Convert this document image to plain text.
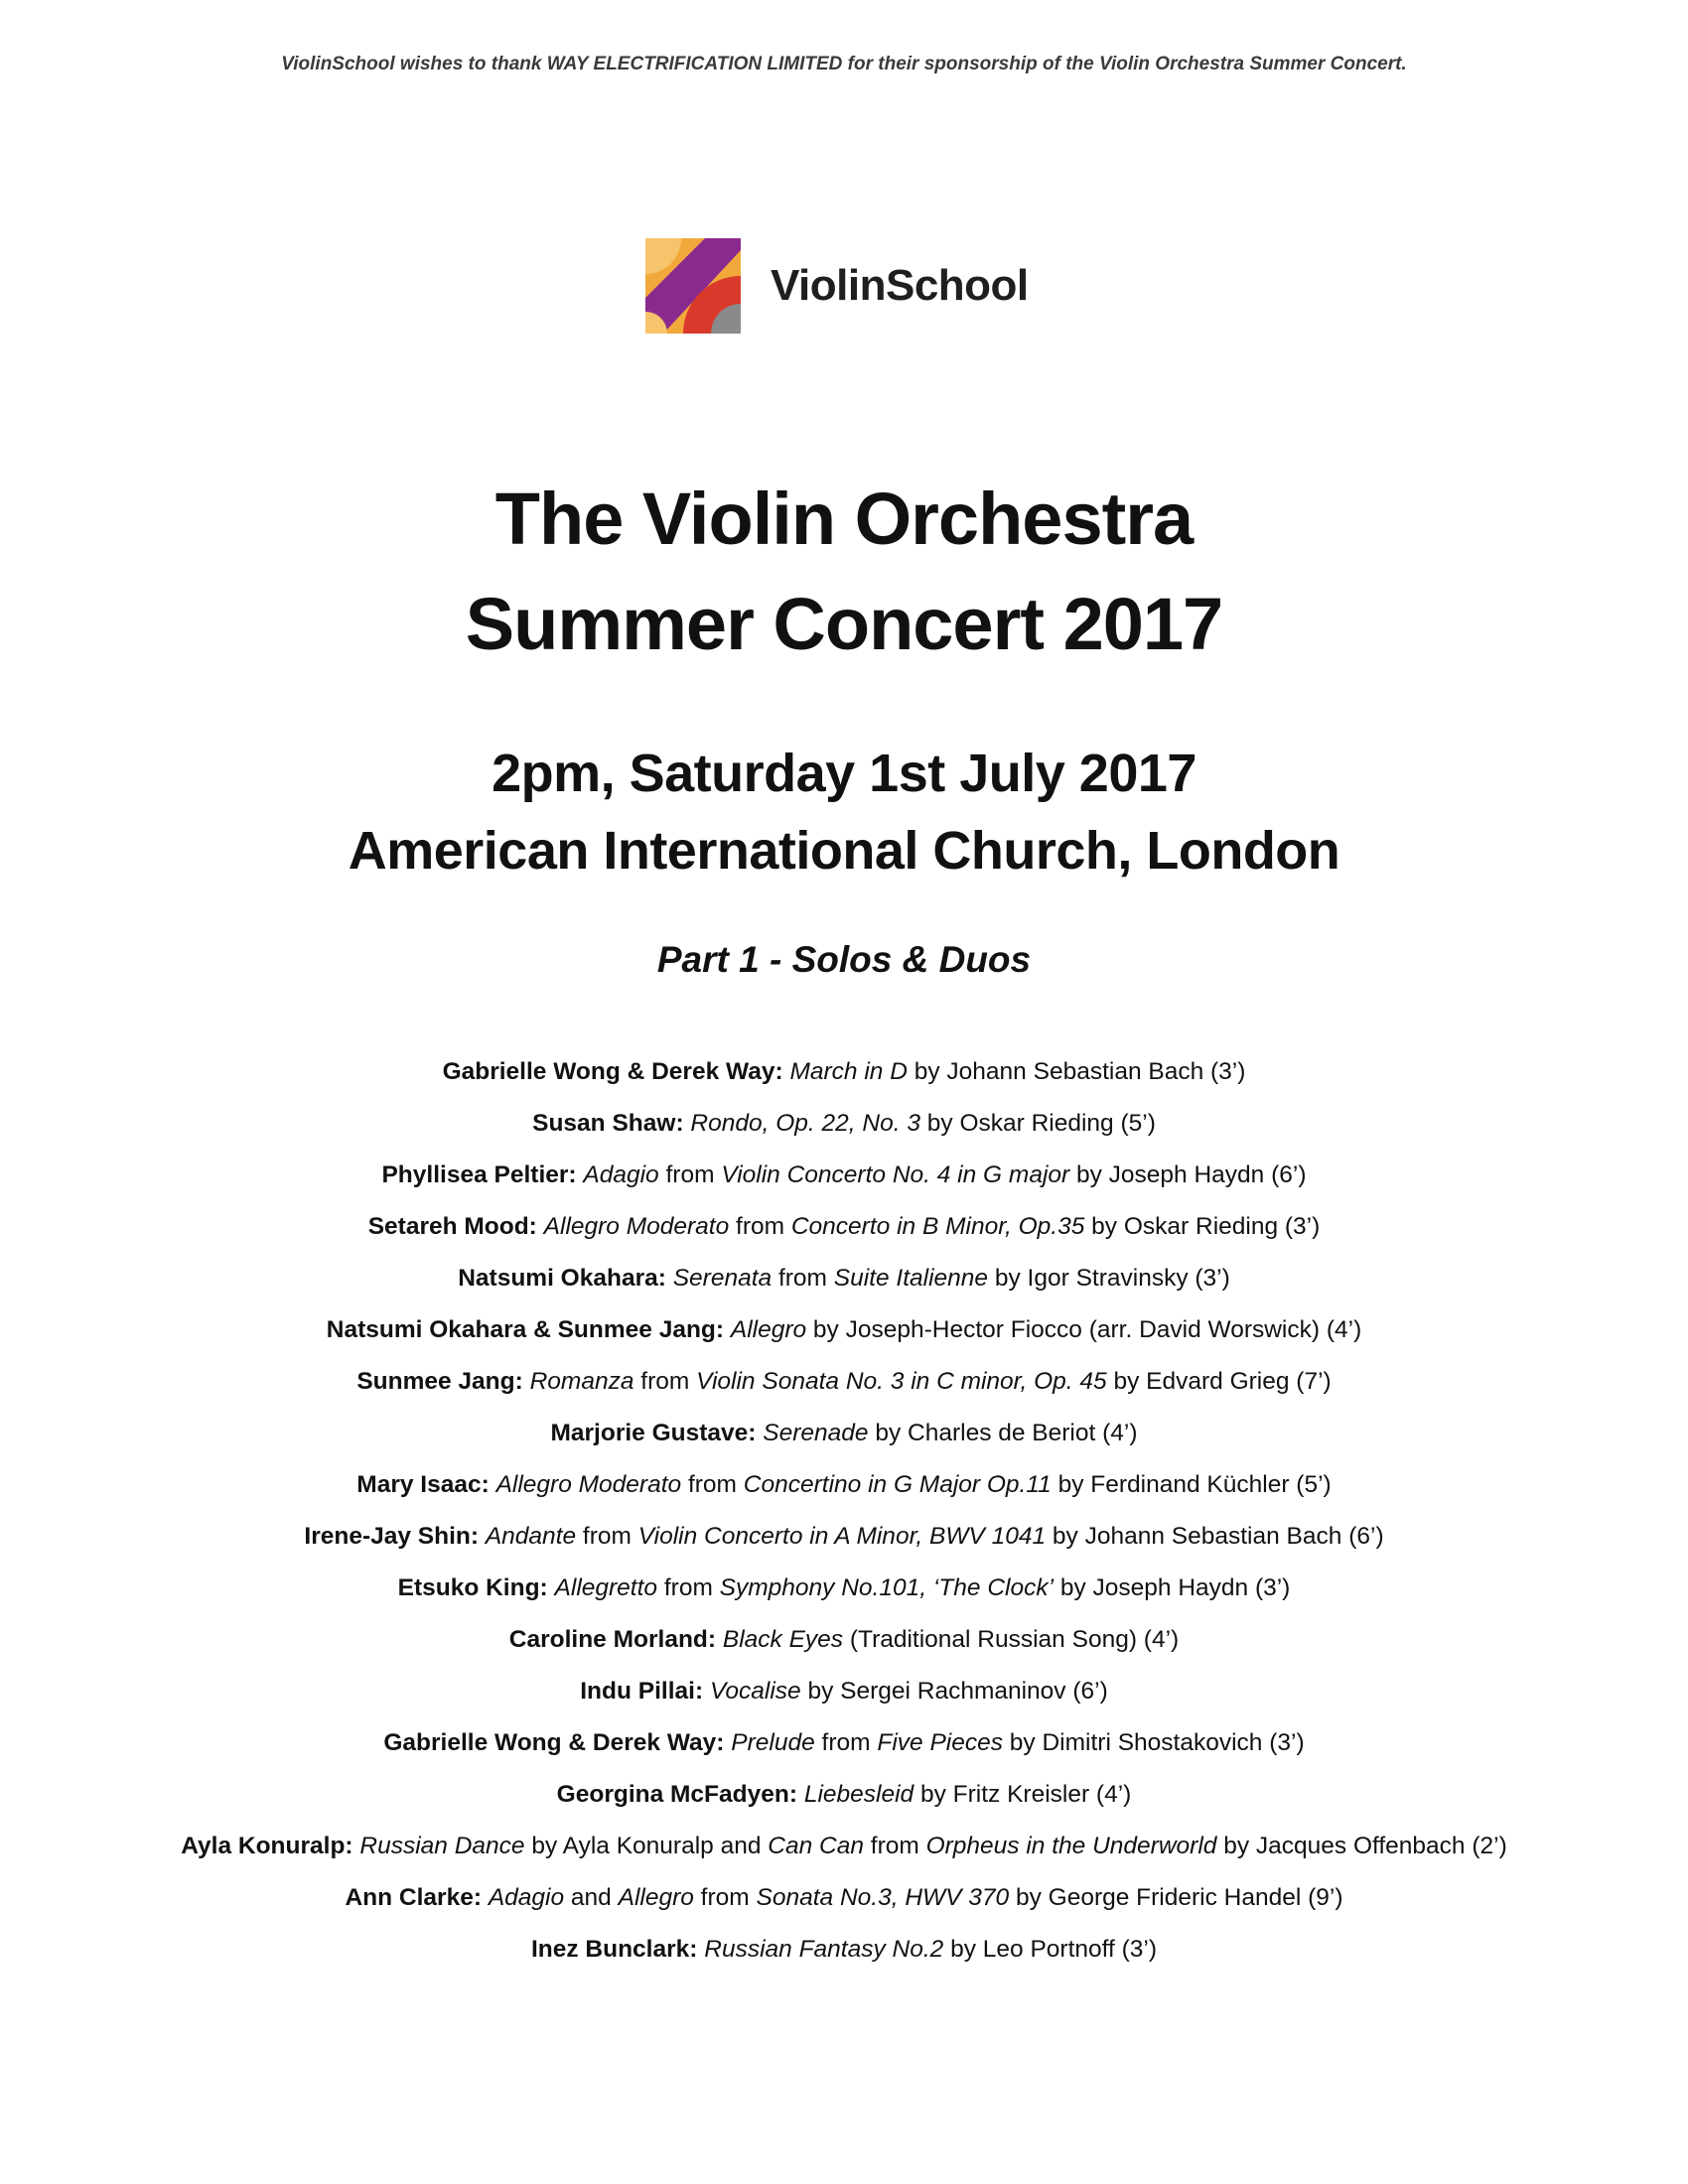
ViolinSchool wishes to thank WAY ELECTRIFICATION LIMITED for their sponsorship of the Violin Orchestra Summer Concert.
ViolinSchool
The Violin Orchestra
Summer Concert 2017
2pm, Saturday 1st July 2017
American International Church, London
Part 1 - Solos & Duos
Gabrielle Wong & Derek Way: March in D by Johann Sebastian Bach (3’)
Susan Shaw: Rondo, Op. 22, No. 3 by Oskar Rieding (5’)
Phyllisea Peltier: Adagio from Violin Concerto No. 4 in G major by Joseph Haydn (6’)
Setareh Mood: Allegro Moderato from Concerto in B Minor, Op.35 by Oskar Rieding (3’)
Natsumi Okahara: Serenata from Suite Italienne by Igor Stravinsky (3’)
Natsumi Okahara & Sunmee Jang: Allegro by Joseph-Hector Fiocco (arr. David Worswick) (4’)
Sunmee Jang: Romanza from Violin Sonata No. 3 in C minor, Op. 45 by Edvard Grieg (7’)
Marjorie Gustave: Serenade by Charles de Beriot (4’)
Mary Isaac: Allegro Moderato from Concertino in G Major Op.11 by Ferdinand Küchler (5’)
Irene-Jay Shin: Andante from Violin Concerto in A Minor, BWV 1041 by Johann Sebastian Bach (6’)
Etsuko King: Allegretto from Symphony No.101, ‘The Clock’ by Joseph Haydn (3’)
Caroline Morland: Black Eyes (Traditional Russian Song) (4’)
Indu Pillai: Vocalise by Sergei Rachmaninov (6’)
Gabrielle Wong & Derek Way: Prelude from Five Pieces by Dimitri Shostakovich (3’)
Georgina McFadyen: Liebesleid by Fritz Kreisler (4’)
Ayla Konuralp: Russian Dance by Ayla Konuralp and Can Can from Orpheus in the Underworld by Jacques Offenbach (2’)
Ann Clarke: Adagio and Allegro from Sonata No.3, HWV 370 by George Frideric Handel (9’)
Inez Bunclark: Russian Fantasy No.2 by Leo Portnoff (3’)
